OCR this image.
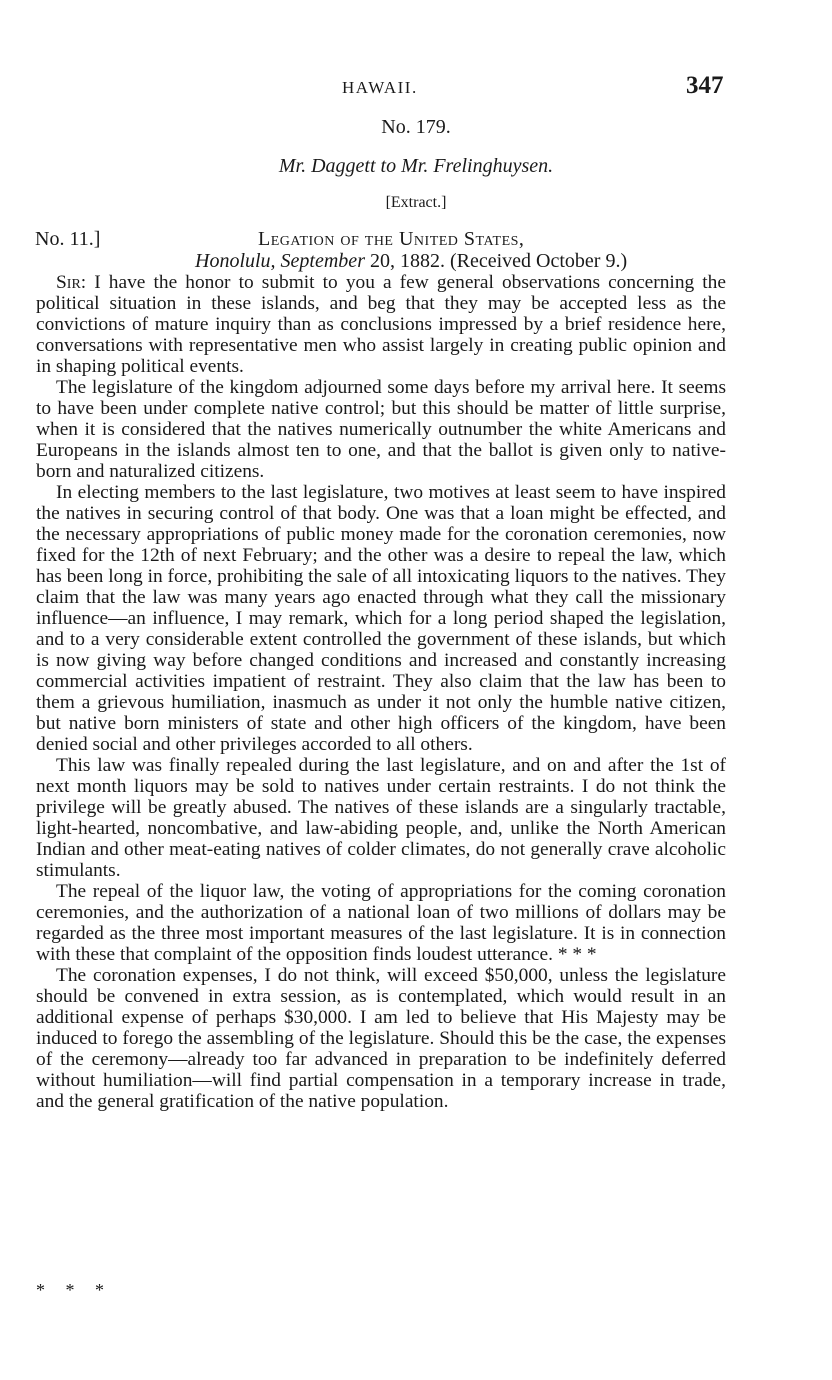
HAWAII.	347
No. 179.
Mr. Daggett to Mr. Frelinghuysen.
[Extract.]
No. 11.]	Legation of the United States,
Honolulu, September 20, 1882. (Received October 9.)

Sir: I have the honor to submit to you a few general observations concerning the political situation in these islands, and beg that they may be accepted less as the convictions of mature inquiry than as conclusions impressed by a brief residence here, conversations with representative men who assist largely in creating public opinion and in shaping political events.

The legislature of the kingdom adjourned some days before my arrival here. It seems to have been under complete native control; but this should be matter of little surprise, when it is considered that the natives numerically outnumber the white Americans and Europeans in the islands almost ten to one, and that the ballot is given only to native-born and naturalized citizens.

In electing members to the last legislature, two motives at least seem to have inspired the natives in securing control of that body. One was that a loan might be effected, and the necessary appropriations of public money made for the coronation ceremonies, now fixed for the 12th of next February; and the other was a desire to repeal the law, which has been long in force, prohibiting the sale of all intoxicating liquors to the natives. They claim that the law was many years ago enacted through what they call the missionary influence—an influence, I may remark, which for a long period shaped the legislation, and to a very considerable extent controlled the government of these islands, but which is now giving way before changed conditions and increased and constantly increasing commercial activities impatient of restraint. They also claim that the law has been to them a grievous humiliation, inasmuch as under it not only the humble native citizen, but native born ministers of state and other high officers of the kingdom, have been denied social and other privileges accorded to all others.

This law was finally repealed during the last legislature, and on and after the 1st of next month liquors may be sold to natives under certain restraints. I do not think the privilege will be greatly abused. The natives of these islands are a singularly tractable, light-hearted, noncombative, and law-abiding people, and, unlike the North American Indian and other meat-eating natives of colder climates, do not generally crave alcoholic stimulants.

The repeal of the liquor law, the voting of appropriations for the coming coronation ceremonies, and the authorization of a national loan of two millions of dollars may be regarded as the three most important measures of the last legislature. It is in connection with these that complaint of the opposition finds loudest utterance. * * *

The coronation expenses, I do not think, will exceed $50,000, unless the legislature should be convened in extra session, as is contemplated, which would result in an additional expense of perhaps $30,000. I am led to believe that His Majesty may be induced to forego the assembling of the legislature. Should this be the case, the expenses of the ceremony—already too far advanced in preparation to be indefinitely deferred without humiliation—will find partial compensation in a temporary increase in trade, and the general gratification of the native population.

* * *
